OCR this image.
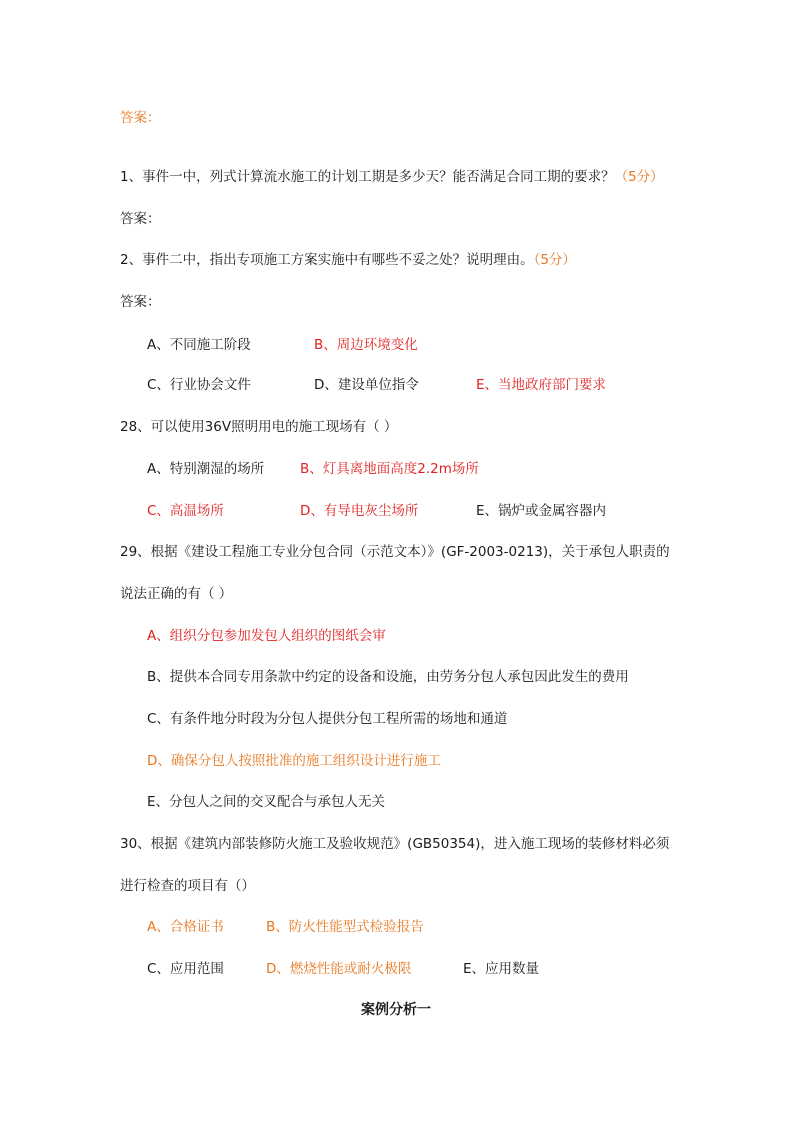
答案：
1、事件一中，列式计算流水施工的计划工期是多少天？能否满足合同工期的要求？（5分）
答案：
2、事件二中，指出专项施工方案实施中有哪些不妥之处？说明理由。（5分）
答案：
A、不同施工阶段	B、周边环境变化
C、行业协会文件	D、建设单位指令	E、当地政府部门要求
28、可以使用36V照明用电的施工现场有（ ）
A、特别潮湿的场所	B、灯具离地面高度2.2m场所
C、高温场所	D、有导电灰尘场所	E、锅炉或金属容器内
29、根据《建设工程施工专业分包合同（示范文本）》(GF-2003-0213)，关于承包人职责的
说法正确的有（ ）
A、组织分包参加发包人组织的图纸会审
B、提供本合同专用条款中约定的设备和设施，由劳务分包人承包因此发生的费用
C、有条件地分时段为分包人提供分包工程所需的场地和通道
D、确保分包人按照批准的施工组织设计进行施工
E、分包人之间的交叉配合与承包人无关
30、根据《建筑内部装修防火施工及验收规范》(GB50354)，进入施工现场的装修材料必须
进行检查的项目有（）
A、合格证书	B、防火性能型式检验报告
C、应用范围	D、燃烧性能或耐火极限	E、应用数量
案例分析一
